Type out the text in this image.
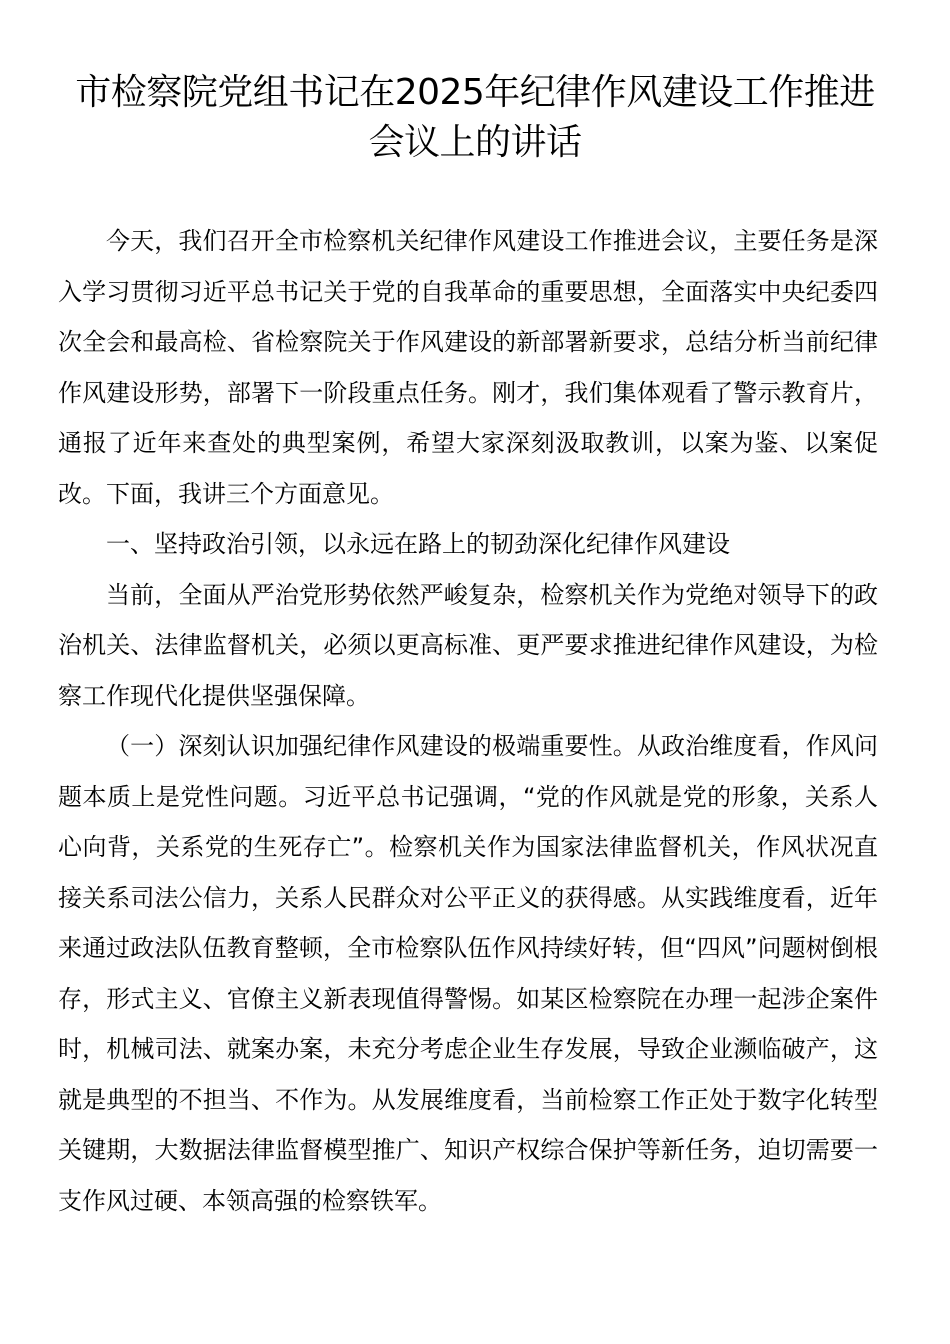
市检察院党组书记在2025年纪律作风建设工作推进
会议上的讲话

今天，我们召开全市检察机关纪律作风建设工作推进会议，主要任务是深入学习贯彻习近平总书记关于党的自我革命的重要思想，全面落实中央纪委四次全会和最高检、省检察院关于作风建设的新部署新要求，总结分析当前纪律作风建设形势，部署下一阶段重点任务。刚才，我们集体观看了警示教育片，通报了近年来查处的典型案例，希望大家深刻汲取教训，以案为鉴、以案促改。下面，我讲三个方面意见。

一、坚持政治引领，以永远在路上的韧劲深化纪律作风建设

当前，全面从严治党形势依然严峻复杂，检察机关作为党绝对领导下的政治机关、法律监督机关，必须以更高标准、更严要求推进纪律作风建设，为检察工作现代化提供坚强保障。

（一）深刻认识加强纪律作风建设的极端重要性。从政治维度看，作风问题本质上是党性问题。习近平总书记强调，“党的作风就是党的形象，关系人心向背，关系党的生死存亡”。检察机关作为国家法律监督机关，作风状况直接关系司法公信力，关系人民群众对公平正义的获得感。从实践维度看，近年来通过政法队伍教育整顿，全市检察队伍作风持续好转，但“四风”问题树倒根存，形式主义、官僚主义新表现值得警惕。如某区检察院在办理一起涉企案件时，机械司法、就案办案，未充分考虑企业生存发展，导致企业濒临破产，这就是典型的不担当、不作为。从发展维度看，当前检察工作正处于数字化转型关键期，大数据法律监督模型推广、知识产权综合保护等新任务，迫切需要一支作风过硬、本领高强的检察铁军。
